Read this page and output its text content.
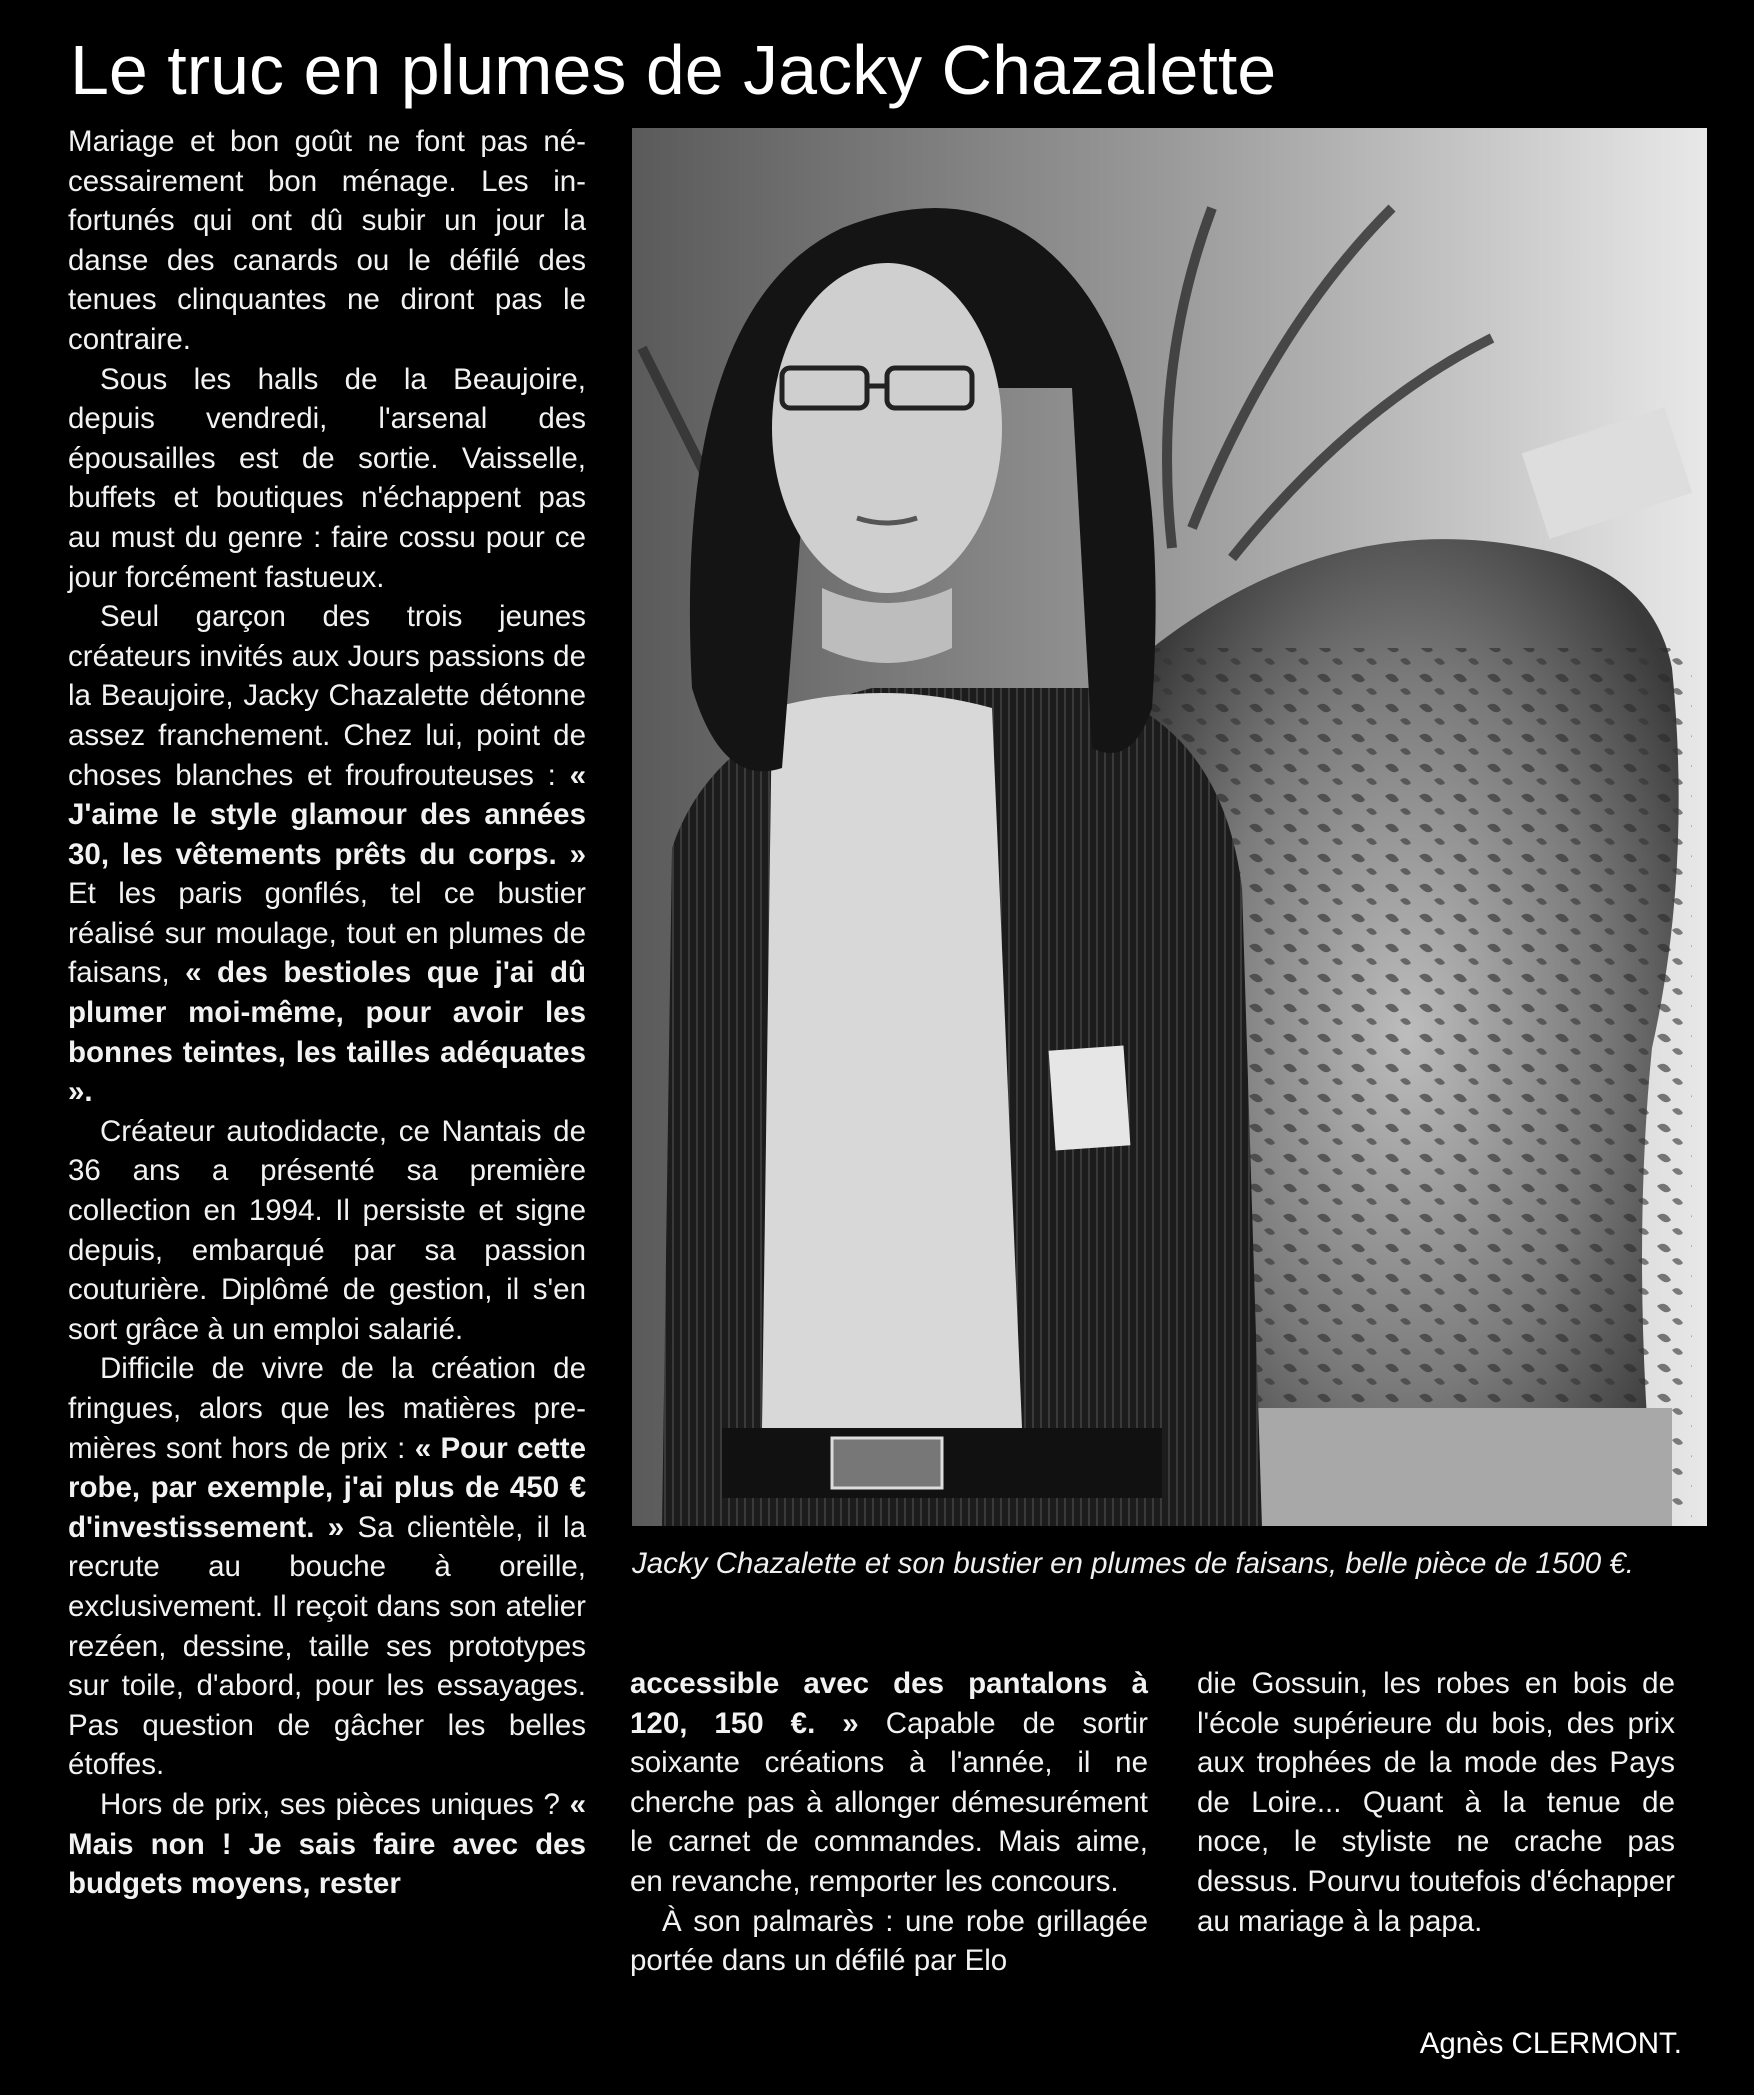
Le truc en plumes de Jacky Chazalette

Mariage et bon goût ne font pas nécessairement bon ménage. Les infortunés qui ont dû subir un jour la danse des canards ou le défilé des tenues clinquantes ne diront pas le contraire.

Sous les halls de la Beaujoire, depuis vendredi, l'arsenal des épousailles est de sortie. Vaisselle, buffets et boutiques n'échappent pas au must du genre : faire cossu pour ce jour forcément fastueux.

Seul garçon des trois jeunes créateurs invités aux Jours passions de la Beaujoire, Jacky Chazalette détonne assez franchement. Chez lui, point de choses blanches et froufrouteuses : « J'aime le style glamour des années 30, les vêtements prêts du corps. » Et les paris gonflés, tel ce bustier réalisé sur moulage, tout en plumes de faisans, « des bestioles que j'ai dû plumer moi-même, pour avoir les bonnes teintes, les tailles adéquates ».

Créateur autodidacte, ce Nantais de 36 ans a présenté sa première collection en 1994. Il persiste et signe depuis, embarqué par sa passion couturière. Diplômé de gestion, il s'en sort grâce à un emploi salarié.

Difficile de vivre de la création de fringues, alors que les matières premières sont hors de prix : « Pour cette robe, par exemple, j'ai plus de 450 € d'investissement. » Sa clientèle, il la recrute au bouche à oreille, exclusivement. Il reçoit dans son atelier rezéen, dessine, taille ses prototypes sur toile, d'abord, pour les essayages. Pas question de gâcher les belles étoffes.

Hors de prix, ses pièces uniques ? « Mais non ! Je sais faire avec des budgets moyens, rester

Jacky Chazalette et son bustier en plumes de faisans, belle pièce de 1500 €.

accessible avec des pantalons à 120, 150 €. » Capable de sortir soixante créations à l'année, il ne cherche pas à allonger démesurément le carnet de commandes. Mais aime, en revanche, remporter les concours.

À son palmarès : une robe grillagée portée dans un défilé par Elo

die Gossuin, les robes en bois de l'école supérieure du bois, des prix aux trophées de la mode des Pays de Loire... Quant à la tenue de noce, le styliste ne crache pas dessus. Pourvu toutefois d'échapper au mariage à la papa.

Agnès CLERMONT.
